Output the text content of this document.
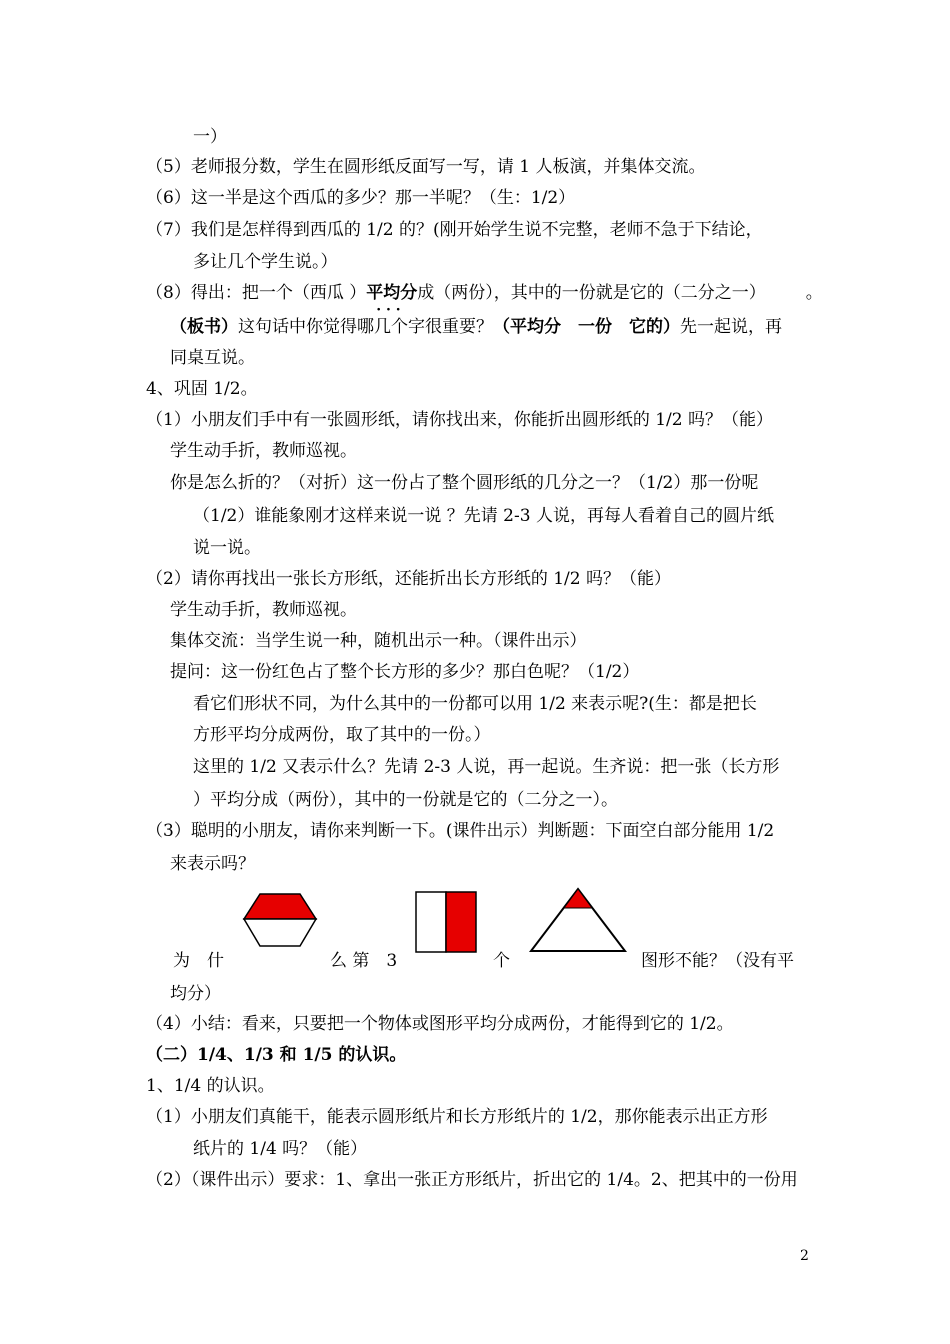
一）
（5）老师报分数，学生在圆形纸反面写一写，请 1 人板演，并集体交流。
（6）这一半是这个西瓜的多少？那一半呢？（生：1/2）
（7）我们是怎样得到西瓜的 1/2 的？(刚开始学生说不完整，老师不急于下结论，
多让几个学生说。）
（8）得出：把一个（西瓜 ）平均分 · · ·成（两份），其中的一份就是它的（二分之一） 。
（板书）这句话中你觉得哪几个字很重要？（平均分　一份　它的）先一起说，再
同桌互说。
4、巩固 1/2。
（1）小朋友们手中有一张圆形纸，请你找出来，你能折出圆形纸的 1/2 吗？（能）
学生动手折，教师巡视。
你是怎么折的？（对折）这一份占了整个圆形纸的几分之一？（1/2）那一份呢
（1/2）谁能象刚才这样来说一说 ？先请 2-3 人说，再每人看着自己的圆片纸
说一说。
（2）请你再找出一张长方形纸，还能折出长方形纸的 1/2 吗？（能）
学生动手折，教师巡视。
集体交流：当学生说一种，随机出示一种。（课件出示）
提问：这一份红色占了整个长方形的多少？那白色呢？（1/2）
看它们形状不同，为什么其中的一份都可以用 1/2 来表示呢?(生：都是把长
方形平均分成两份，取了其中的一份。）
这里的 1/2 又表示什么？先请 2-3 人说，再一起说。生齐说：把一张（长方形
）平均分成（两份），其中的一份就是它的（二分之一）。
（3）聪明的小朋友，请你来判断一下。(课件出示）判断题：下面空白部分能用 1/2
来表示吗？
为　什	么 第　3	个	图形不能？（没有平
均分）
（4）小结：看来，只要把一个物体或图形平均分成两份，才能得到它的 1/2。
（二）1/4、1/3 和 1/5 的认识。
1、1/4 的认识。
（1）小朋友们真能干，能表示圆形纸片和长方形纸片的 1/2，那你能表示出正方形
纸片的 1/4 吗？（能）
（2）（课件出示）要求：1、拿出一张正方形纸片，折出它的 1/4。2、把其中的一份用
2
